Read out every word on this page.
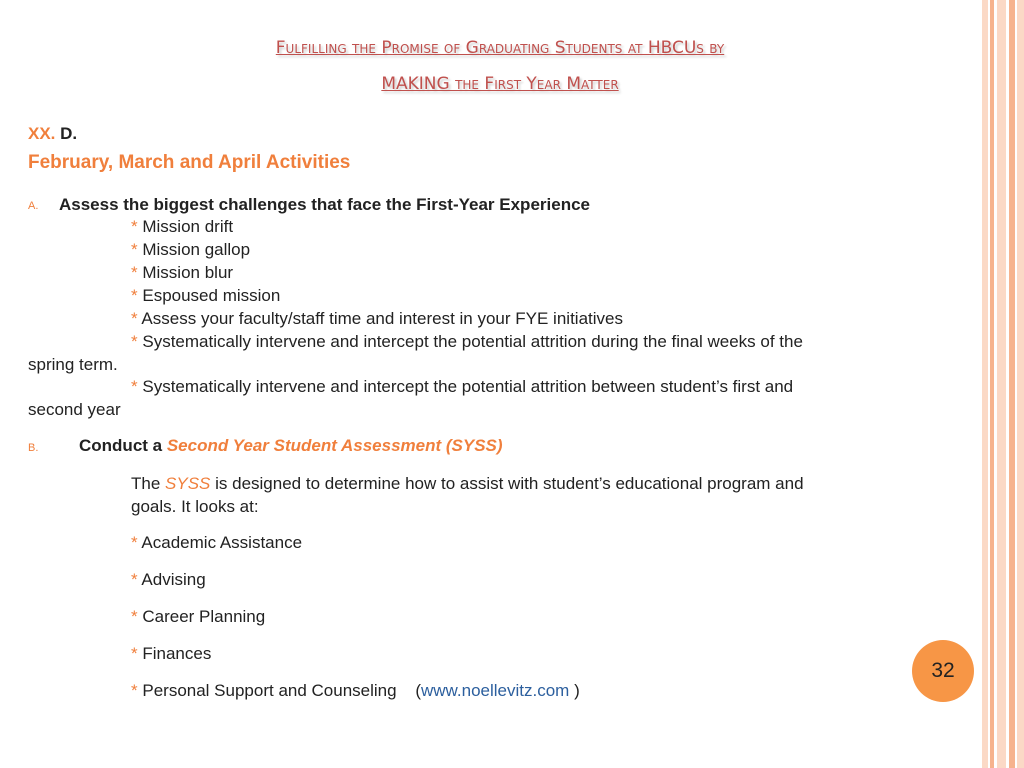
Fulfilling the Promise of Graduating Students at HBCUs by
MAKING the First Year Matter
XX. D.
February, March and April Activities
A. Assess the biggest challenges that face the First-Year Experience
* Mission drift
* Mission gallop
* Mission blur
* Espoused mission
* Assess your faculty/staff time and interest in your FYE initiatives
* Systematically intervene and intercept the potential attrition during the final weeks of the
spring term.
* Systematically intervene and intercept the potential attrition between student’s first and
second year
B. Conduct a Second Year Student Assessment (SYSS)
The SYSS is designed to determine how to assist with student’s educational program and
goals. It looks at:
* Academic Assistance
* Advising
* Career Planning
* Finances
* Personal Support and Counseling (www.noellevitz.com )
32
